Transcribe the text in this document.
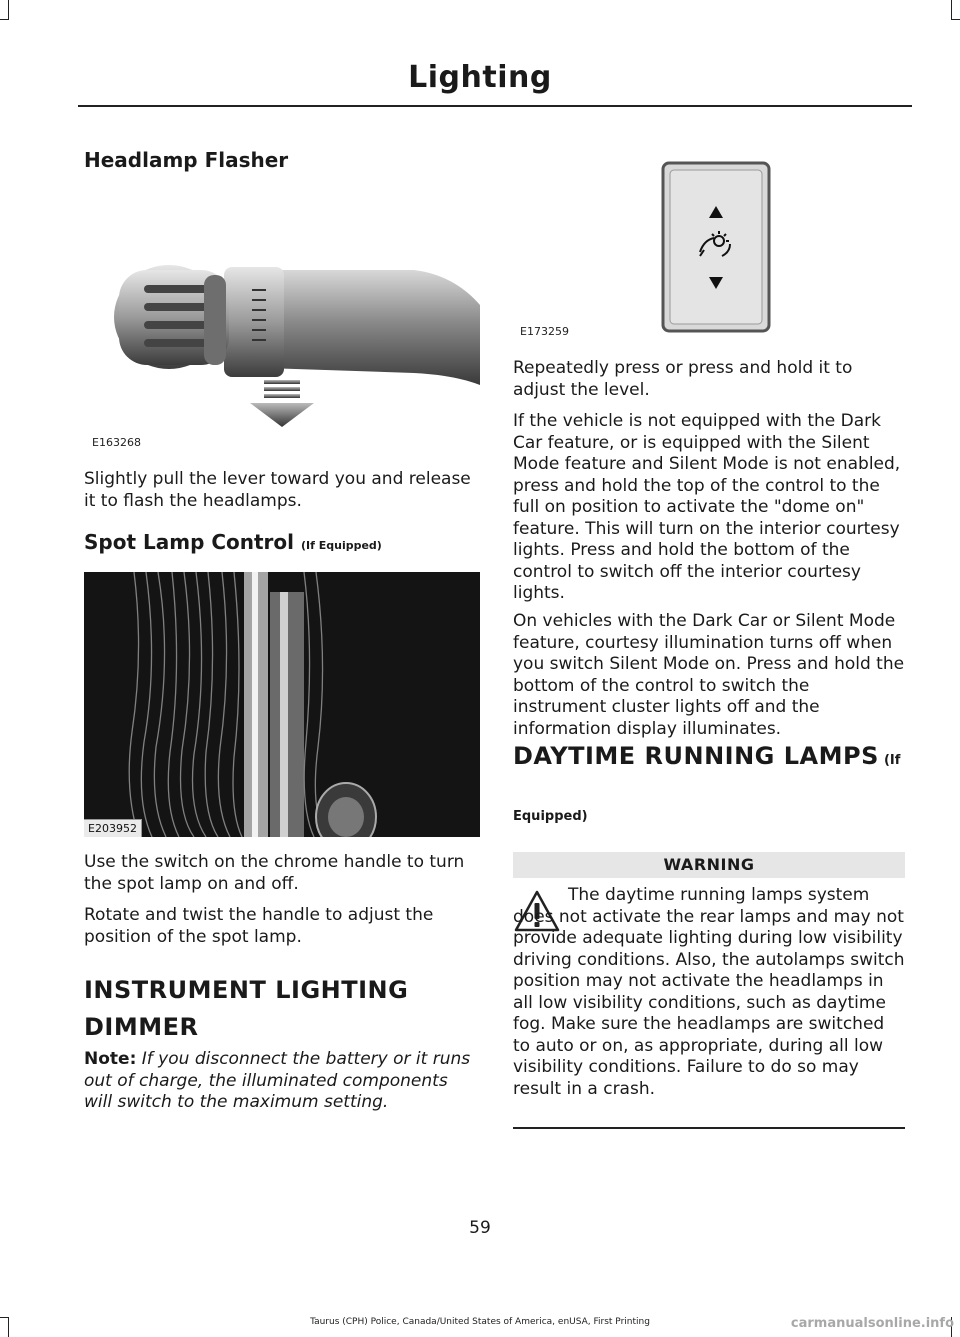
Lighting
Headlamp Flasher
E163268

Slightly pull the lever toward you and release it to flash the headlamps.

Spot Lamp Control (If Equipped)
E203952

Use the switch on the chrome handle to turn the spot lamp on and off.

Rotate and twist the handle to adjust the position of the spot lamp.

INSTRUMENT LIGHTING
DIMMER

Note: If you disconnect the battery or it runs out of charge, the illuminated components will switch to the maximum setting.

E173259

Repeatedly press or press and hold it to adjust the level.

If the vehicle is not equipped with the Dark Car feature, or is equipped with the Silent Mode feature and Silent Mode is not enabled, press and hold the top of the control to the full on position to activate the "dome on" feature. This will turn on the interior courtesy lights. Press and hold the bottom of the control to switch off the interior courtesy lights.

On vehicles with the Dark Car or Silent Mode feature, courtesy illumination turns off when you switch Silent Mode on. Press and hold the bottom of the control to switch the instrument cluster lights off and the information display illuminates.

DAYTIME RUNNING LAMPS (If
Equipped)
WARNING

The daytime running lamps system does not activate the rear lamps and may not provide adequate lighting during low visibility driving conditions. Also, the autolamps switch position may not activate the headlamps in all low visibility conditions, such as daytime fog. Make sure the headlamps are switched to auto or on, as appropriate, during all low visibility conditions. Failure to do so may result in a crash.

59
Taurus (CPH) Police, Canada/United States of America, enUSA, First Printing	carmanualsonline.info
